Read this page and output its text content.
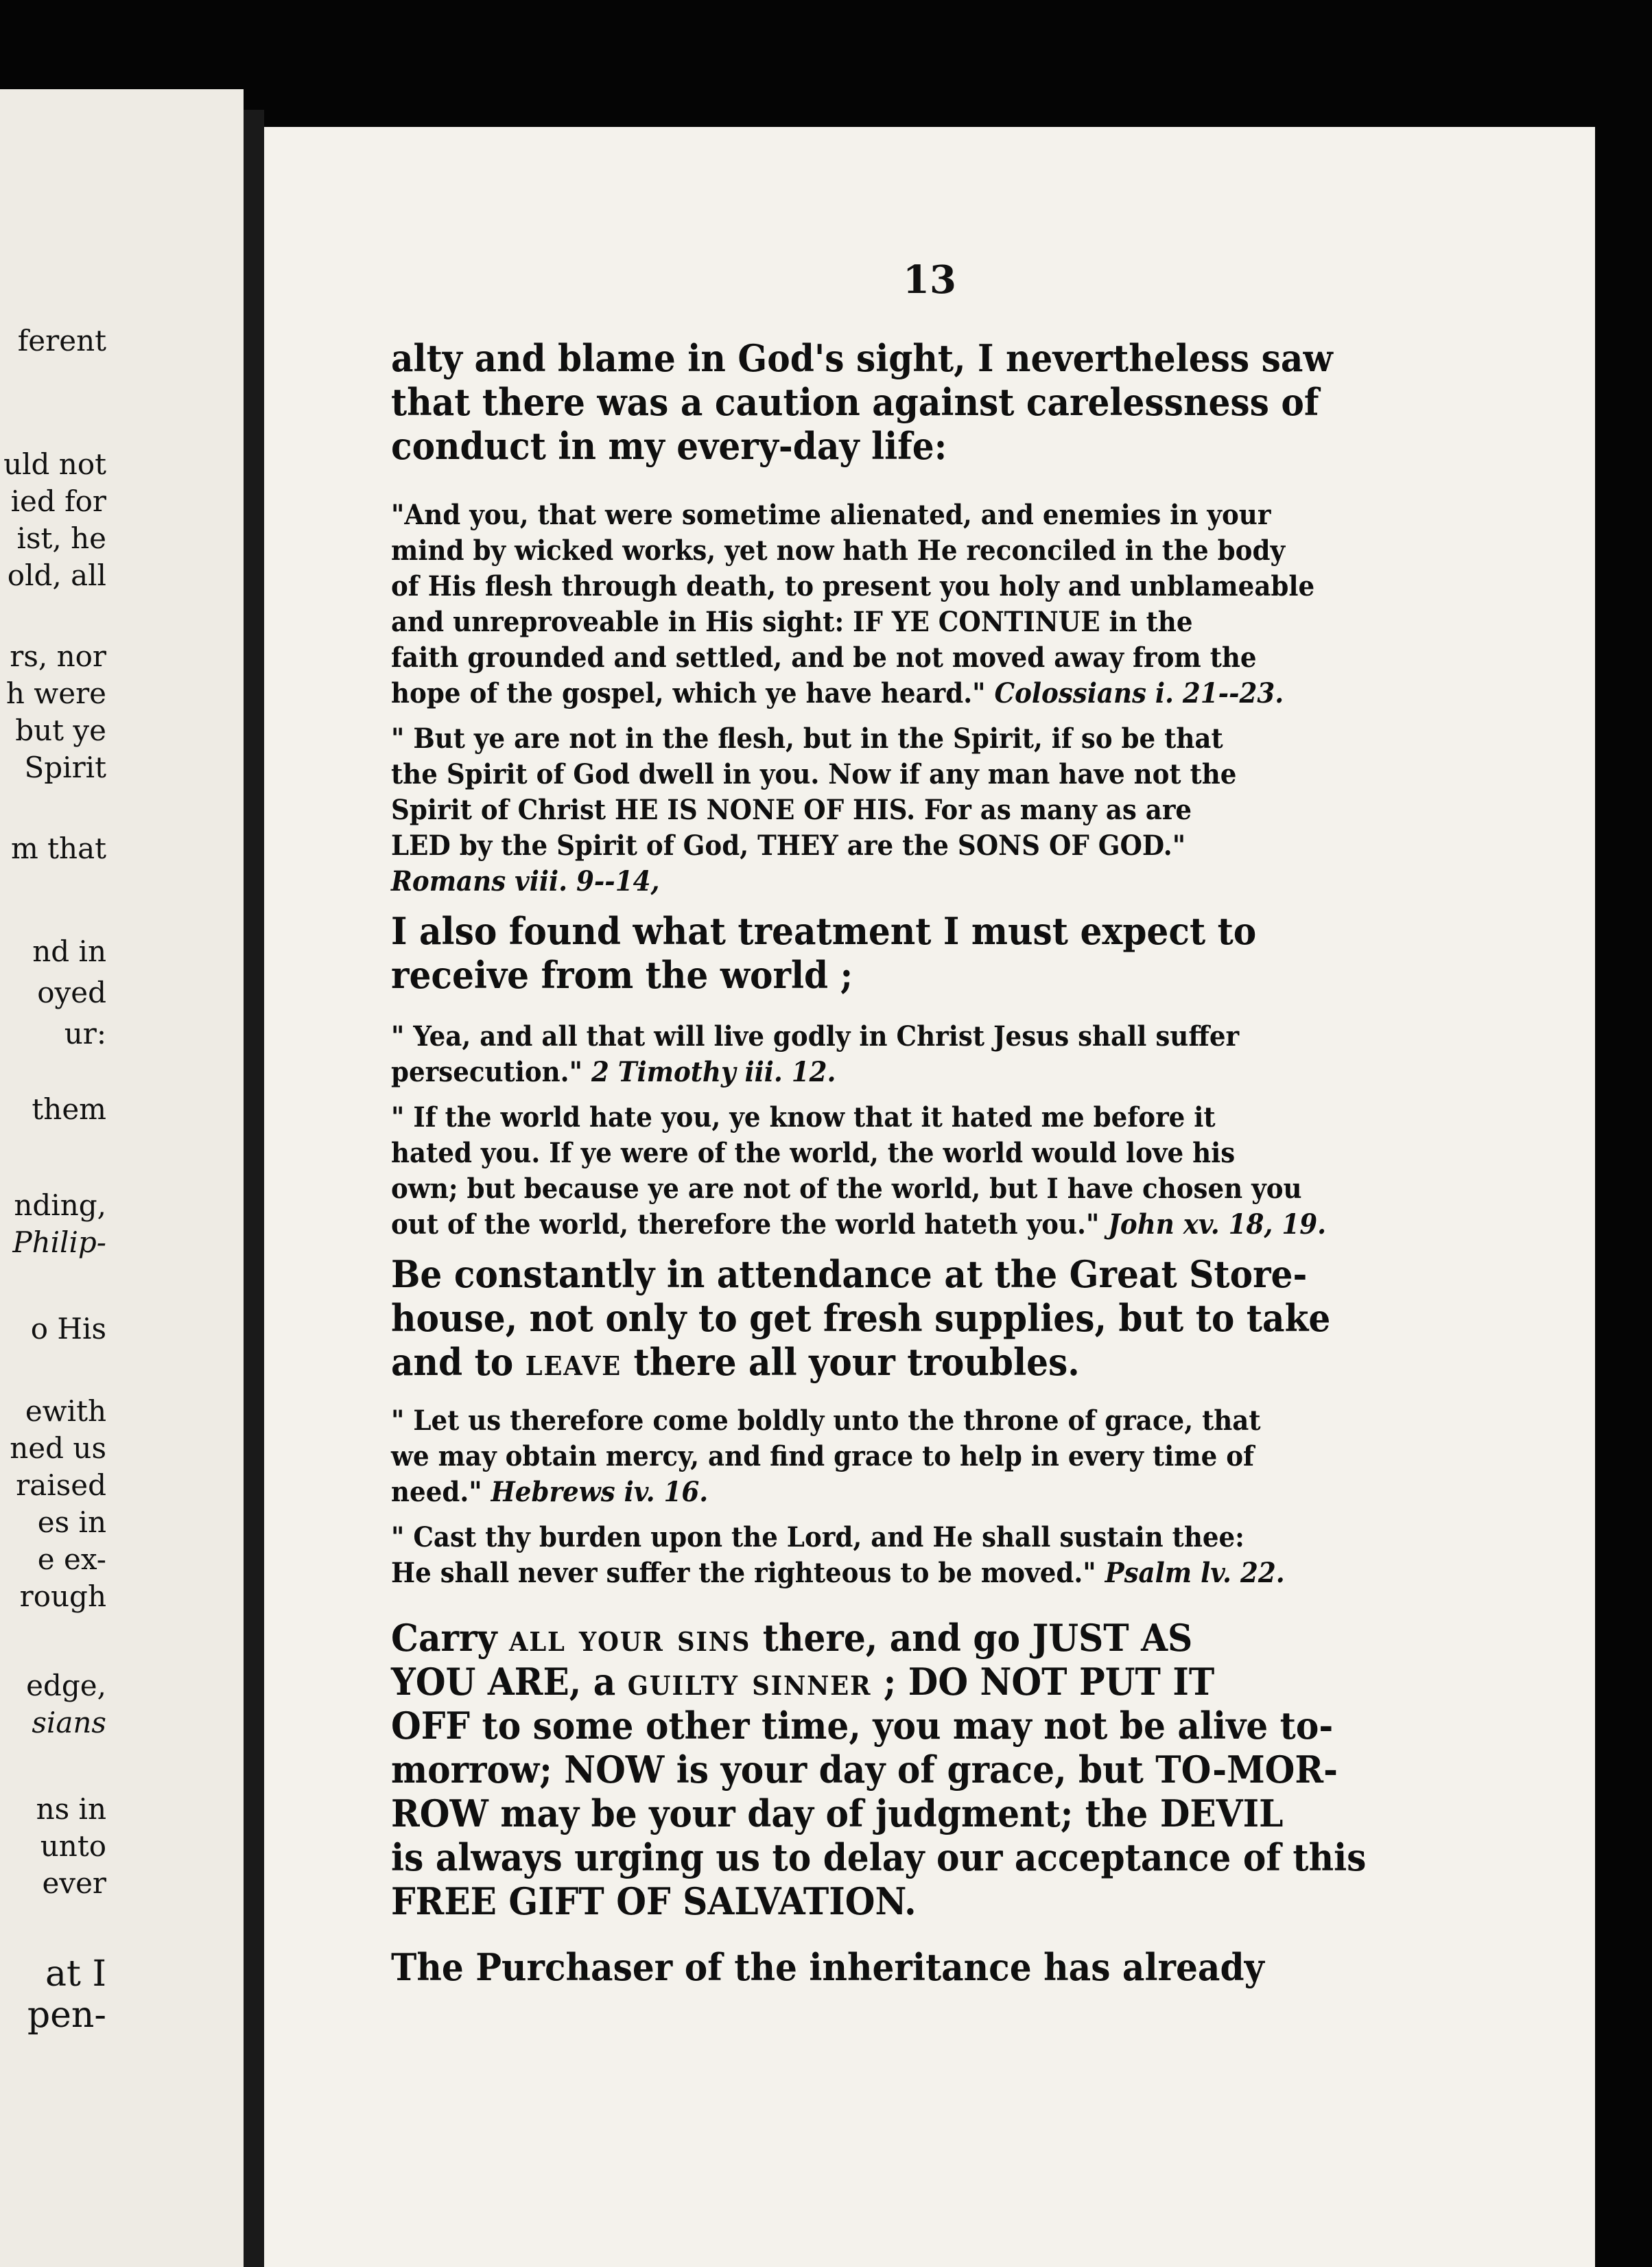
ferent
uld not
ied for
ist, he
old, all
rs, nor
h were
but ye
Spirit
m that
nd in
oyed
ur:
them
nding,
Philip-
o His
ewith
ned us
raised
es in
e ex-
rough
edge,
sians
ns in
unto
ever
at I
pen-
13
alty and blame in God's sight, I nevertheless saw
that there was a caution against carelessness of
conduct in my every-day life:
"And you, that were sometime alienated, and enemies in your
mind by wicked works, yet now hath He reconciled in the body
of His flesh through death, to present you holy and unblameable
and unreproveable in His sight: IF YE CONTINUE in the
faith grounded and settled, and be not moved away from the
hope of the gospel, which ye have heard." Colossians i. 21--23.
" But ye are not in the flesh, but in the Spirit, if so be that
the Spirit of God dwell in you. Now if any man have not the
Spirit of Christ HE IS NONE OF HIS. For as many as are
LED by the Spirit of God, THEY are the SONS OF GOD."
Romans viii. 9--14,
I also found what treatment I must expect to
receive from the world ;
" Yea, and all that will live godly in Christ Jesus shall suffer
persecution." 2 Timothy iii. 12.
" If the world hate you, ye know that it hated me before it
hated you. If ye were of the world, the world would love his
own; but because ye are not of the world, but I have chosen you
out of the world, therefore the world hateth you." John xv. 18, 19.
Be constantly in attendance at the Great Store-
house, not only to get fresh supplies, but to take
and to leave there all your troubles.
" Let us therefore come boldly unto the throne of grace, that
we may obtain mercy, and find grace to help in every time of
need." Hebrews iv. 16.
" Cast thy burden upon the Lord, and He shall sustain thee:
He shall never suffer the righteous to be moved." Psalm lv. 22.
Carry all your sins there, and go JUST AS
YOU ARE, a guilty sinner ; DO NOT PUT IT
OFF to some other time, you may not be alive to-
morrow; NOW is your day of grace, but TO-MOR-
ROW may be your day of judgment; the DEVIL
is always urging us to delay our acceptance of this
FREE GIFT OF SALVATION.
The Purchaser of the inheritance has already
